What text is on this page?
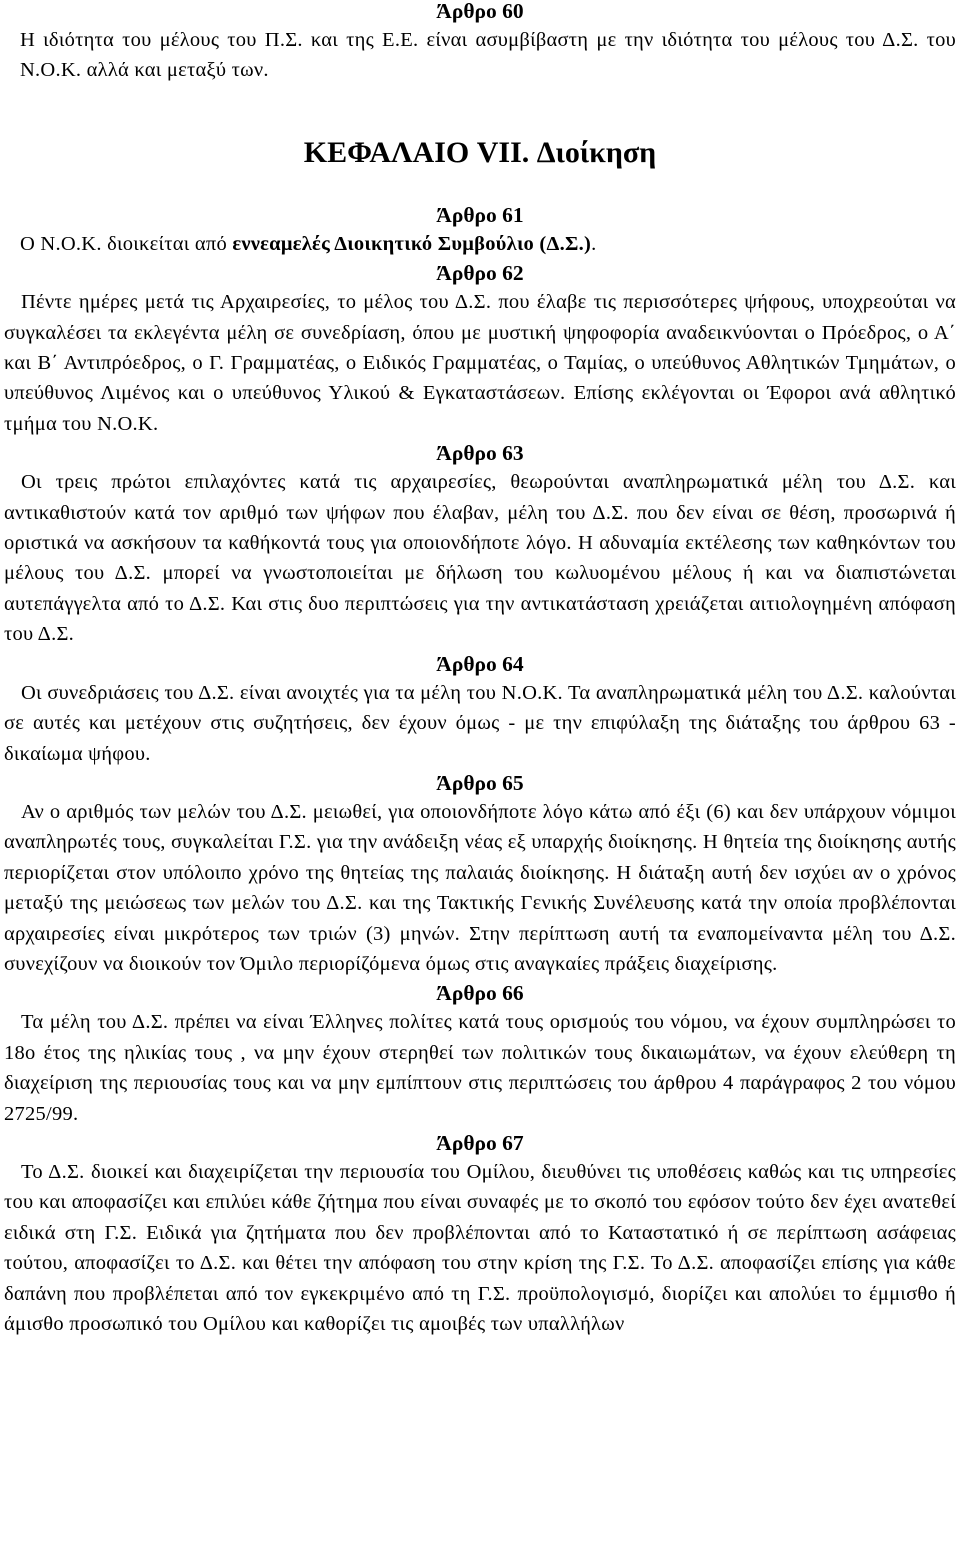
Άρθρο 60

Η ιδιότητα του μέλους του Π.Σ. και της Ε.Ε. είναι ασυμβίβαστη με την ιδιότητα του μέλους του Δ.Σ. του Ν.Ο.Κ. αλλά και μεταξύ των.

ΚΕΦΑΛΑΙΟ VII. Διοίκηση
Άρθρο 61

Ο Ν.Ο.Κ. διοικείται από εννεαμελές Διοικητικό Συμβούλιο (Δ.Σ.).

Άρθρο 62

Πέντε ημέρες μετά τις Αρχαιρεσίες, το μέλος του Δ.Σ. που έλαβε τις περισσότερες ψήφους, υποχρεούται να συγκαλέσει τα εκλεγέντα μέλη σε συνεδρίαση, όπου με μυστική ψηφοφορία αναδεικνύονται ο Πρόεδρος, ο Α΄ και Β΄ Αντιπρόεδρος, ο Γ. Γραμματέας, ο Ειδικός Γραμματέας, ο Ταμίας, ο υπεύθυνος Αθλητικών Τμημάτων, ο υπεύθυνος Λιμένος και ο υπεύθυνος Υλικού & Εγκαταστάσεων. Επίσης εκλέγονται οι Έφοροι ανά αθλητικό τμήμα του Ν.Ο.Κ.

Άρθρο 63

Οι τρεις πρώτοι επιλαχόντες κατά τις αρχαιρεσίες, θεωρούνται αναπληρωματικά μέλη του Δ.Σ. και αντικαθιστούν κατά τον αριθμό των ψήφων που έλαβαν, μέλη του Δ.Σ. που δεν είναι σε θέση, προσωρινά ή οριστικά να ασκήσουν τα καθήκοντά τους για οποιονδήποτε λόγο. Η αδυναμία εκτέλεσης των καθηκόντων του μέλους του Δ.Σ. μπορεί να γνωστοποιείται με δήλωση του κωλυομένου μέλους ή και να διαπιστώνεται αυτεπάγγελτα από το Δ.Σ. Και στις δυο περιπτώσεις για την αντικατάσταση χρειάζεται αιτιολογημένη απόφαση του Δ.Σ.

Άρθρο 64

Οι συνεδριάσεις του Δ.Σ. είναι ανοιχτές για τα μέλη του Ν.Ο.Κ. Τα αναπληρωματικά μέλη του Δ.Σ. καλούνται σε αυτές και μετέχουν στις συζητήσεις, δεν έχουν όμως - με την επιφύλαξη της διάταξης του άρθρου 63 - δικαίωμα ψήφου.

Άρθρο 65

Αν ο αριθμός των μελών του Δ.Σ. μειωθεί, για οποιονδήποτε λόγο κάτω από έξι (6) και δεν υπάρχουν νόμιμοι αναπληρωτές τους, συγκαλείται Γ.Σ. για την ανάδειξη νέας εξ υπαρχής διοίκησης. Η θητεία της διοίκησης αυτής περιορίζεται στον υπόλοιπο χρόνο της θητείας της παλαιάς διοίκησης. Η διάταξη αυτή δεν ισχύει αν ο χρόνος μεταξύ της μειώσεως των μελών του Δ.Σ. και της Τακτικής Γενικής Συνέλευσης κατά την οποία προβλέπονται αρχαιρεσίες είναι μικρότερος των τριών (3) μηνών. Στην περίπτωση αυτή τα εναπομείναντα μέλη του Δ.Σ. συνεχίζουν να διοικούν τον Όμιλο περιορίζόμενα όμως στις αναγκαίες πράξεις διαχείρισης.

Άρθρο 66

Τα μέλη του Δ.Σ. πρέπει να είναι Έλληνες πολίτες κατά τους ορισμούς του νόμου, να έχουν συμπληρώσει το 18ο έτος της ηλικίας τους , να μην έχουν στερηθεί των πολιτικών τους δικαιωμάτων, να έχουν ελεύθερη τη διαχείριση της περιουσίας τους και να μην εμπίπτουν στις περιπτώσεις του άρθρου 4 παράγραφος 2 του νόμου 2725/99.

Άρθρο 67

Το Δ.Σ. διοικεί και διαχειρίζεται την περιουσία του Ομίλου, διευθύνει τις υποθέσεις καθώς και τις υπηρεσίες του και αποφασίζει και επιλύει κάθε ζήτημα που είναι συναφές με το σκοπό του εφόσον τούτο δεν έχει ανατεθεί ειδικά στη Γ.Σ. Ειδικά για ζητήματα που δεν προβλέπονται από το Καταστατικό ή σε περίπτωση ασάφειας τούτου, αποφασίζει το Δ.Σ. και θέτει την απόφαση του στην κρίση της Γ.Σ. Το Δ.Σ. αποφασίζει επίσης για κάθε δαπάνη που προβλέπεται από τον εγκεκριμένο από τη Γ.Σ. προϋπολογισμό, διορίζει και απολύει το έμμισθο ή άμισθο προσωπικό του Ομίλου και καθορίζει τις αμοιβές των υπαλλήλων
